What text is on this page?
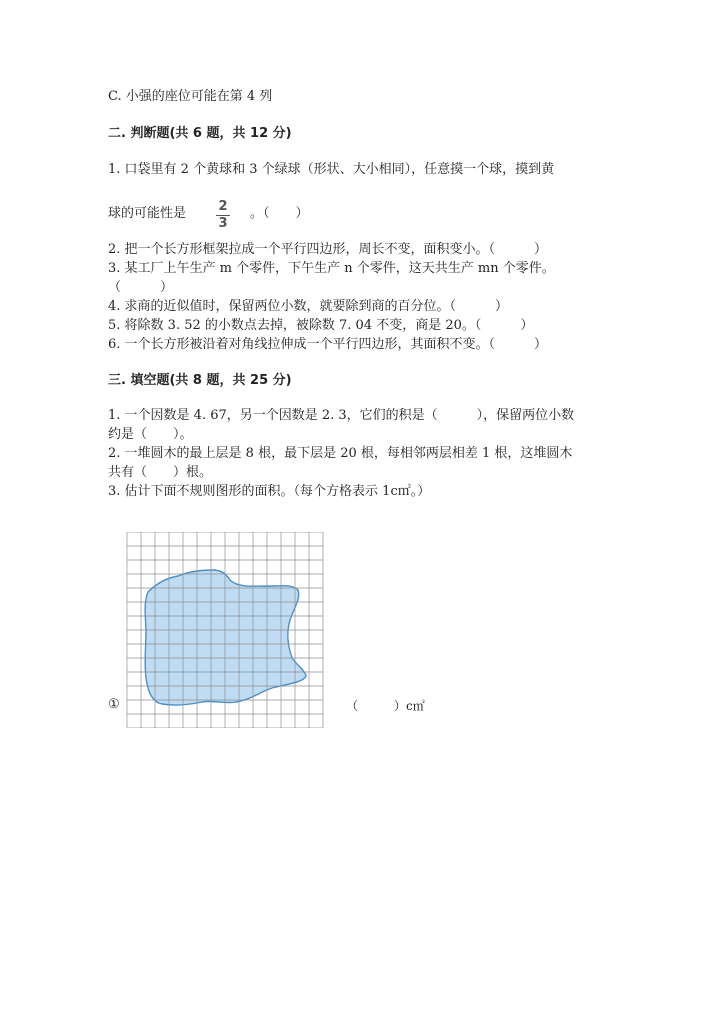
C. 小强的座位可能在第 4 列
二. 判断题(共 6 题，共 12 分)
1. 口袋里有 2 个黄球和 3 个绿球（形状、大小相同），任意摸一个球，摸到黄
球的可能性是 2
3
。（　　）
2. 把一个长方形框架拉成一个平行四边形，周长不变，面积变小。（　　　）
3. 某工厂上午生产 m 个零件，下午生产 n 个零件，这天共生产 mn 个零件。
（　　　）
4. 求商的近似值时，保留两位小数，就要除到商的百分位。（　　　）
5. 将除数 3. 52 的小数点去掉，被除数 7. 04 不变，商是 20。（　　　）
6. 一个长方形被沿着对角线拉伸成一个平行四边形，其面积不变。（　　　）
三. 填空题(共 8 题，共 25 分)
1. 一个因数是 4. 67，另一个因数是 2. 3，它们的积是（　　　），保留两位小数
约是（　　）。
2. 一堆圆木的最上层是 8 根，最下层是 20 根，每相邻两层相差 1 根，这堆圆木
共有（　　）根。
3. 估计下面不规则图形的面积。（每个方格表示 1c㎡。）
①	（　　　）c㎡
